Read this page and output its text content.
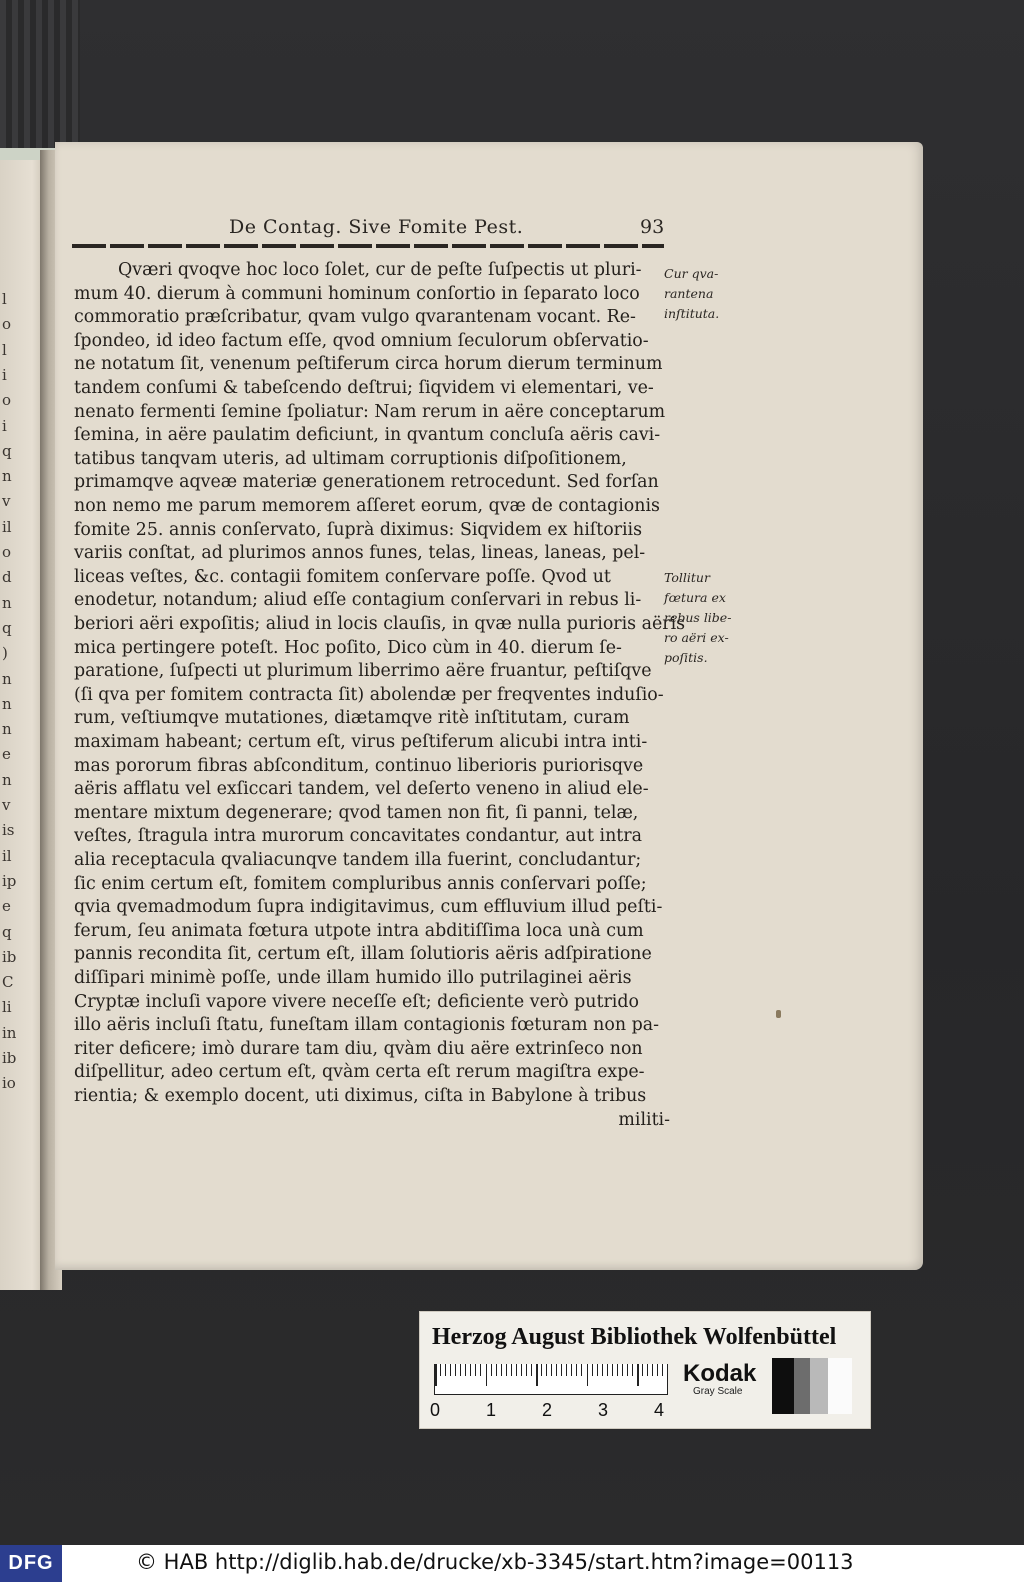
l
o
l
i
o
i
q
n
v
il
o
d
n
q
)
n
n
n
e
n
v
is
il
ip
e
q
ib
C
li
in
ib
io
De Contag. Sive Fomite Pest.	93
Qværi qvoqve hoc loco ſolet, cur de peſte ſuſpectis ut pluri-
mum 40. dierum à communi hominum conſortio in ſeparato loco
commoratio præſcribatur, qvam vulgo qvarantenam vocant. Re-
ſpondeo, id ideo factum eſſe, qvod omnium ſeculorum obſervatio-
ne notatum ſit, venenum peſtiferum circa horum dierum terminum
tandem conſumi & tabeſcendo deſtrui; ſiqvidem vi elementari, ve-
nenato fermenti ſemine ſpoliatur: Nam rerum in aëre conceptarum
ſemina, in aëre paulatim deficiunt, in qvantum concluſa aëris cavi-
tatibus tanqvam uteris, ad ultimam corruptionis diſpoſitionem,
primamqve aqveæ materiæ generationem retrocedunt. Sed forſan
non nemo me parum memorem aſſeret eorum, qvæ de contagionis
fomite 25. annis conſervato, ſuprà diximus: Siqvidem ex hiſtoriis
variis conſtat, ad plurimos annos funes, telas, lineas, laneas, pel-
liceas veſtes, &c. contagii fomitem conſervare poſſe. Qvod ut
enodetur, notandum; aliud eſſe contagium conſervari in rebus li-
beriori aëri expoſitis; aliud in locis clauſis, in qvæ nulla purioris aëris
mica pertingere poteſt. Hoc poſito, Dico cùm in 40. dierum ſe-
paratione, ſuſpecti ut plurimum liberrimo aëre fruantur, peſtiſqve
(ſi qva per fomitem contracta ſit) abolendæ per freqventes induſio-
rum, veſtiumqve mutationes, diætamqve ritè inſtitutam, curam
maximam habeant; certum eſt, virus peſtiferum alicubi intra inti-
mas pororum fibras abſconditum, continuo liberioris puriorisqve
aëris afflatu vel exſiccari tandem, vel deſerto veneno in aliud ele-
mentare mixtum degenerare; qvod tamen non fit, ſi panni, telæ,
veſtes, ſtragula intra murorum concavitates condantur, aut intra
alia receptacula qvaliacunqve tandem illa fuerint, concludantur;
ſic enim certum eſt, fomitem compluribus annis conſervari poſſe;
qvia qvemadmodum ſupra indigitavimus, cum effluvium illud peſti-
ferum, ſeu animata fœtura utpote intra abditiſſima loca unà cum
pannis recondita ſit, certum eſt, illam ſolutioris aëris adſpiratione
diſſipari minimè poſſe, unde illam humido illo putrilaginei aëris
Cryptæ incluſi vapore vivere neceſſe eſt; deficiente verò putrido
illo aëris incluſi ſtatu, funeſtam illam contagionis fœturam non pa-
riter deficere; imò durare tam diu, qvàm diu aëre extrinſeco non
diſpellitur, adeo certum eſt, qvàm certa eſt rerum magiſtra expe-
rientia; & exemplo docent, uti diximus, ciſta in Babylone à tribus
militi-
Cur qva-
rantena
inſtituta.
Tollitur
fœtura ex
rebus libe-
ro aëri ex-
poſitis.
Herzog August Bibliothek Wolfenbüttel
0	1	2	3	4
Kodak
Gray Scale
DFG	© HAB http://diglib.hab.de/drucke/xb-3345/start.htm?image=00113
